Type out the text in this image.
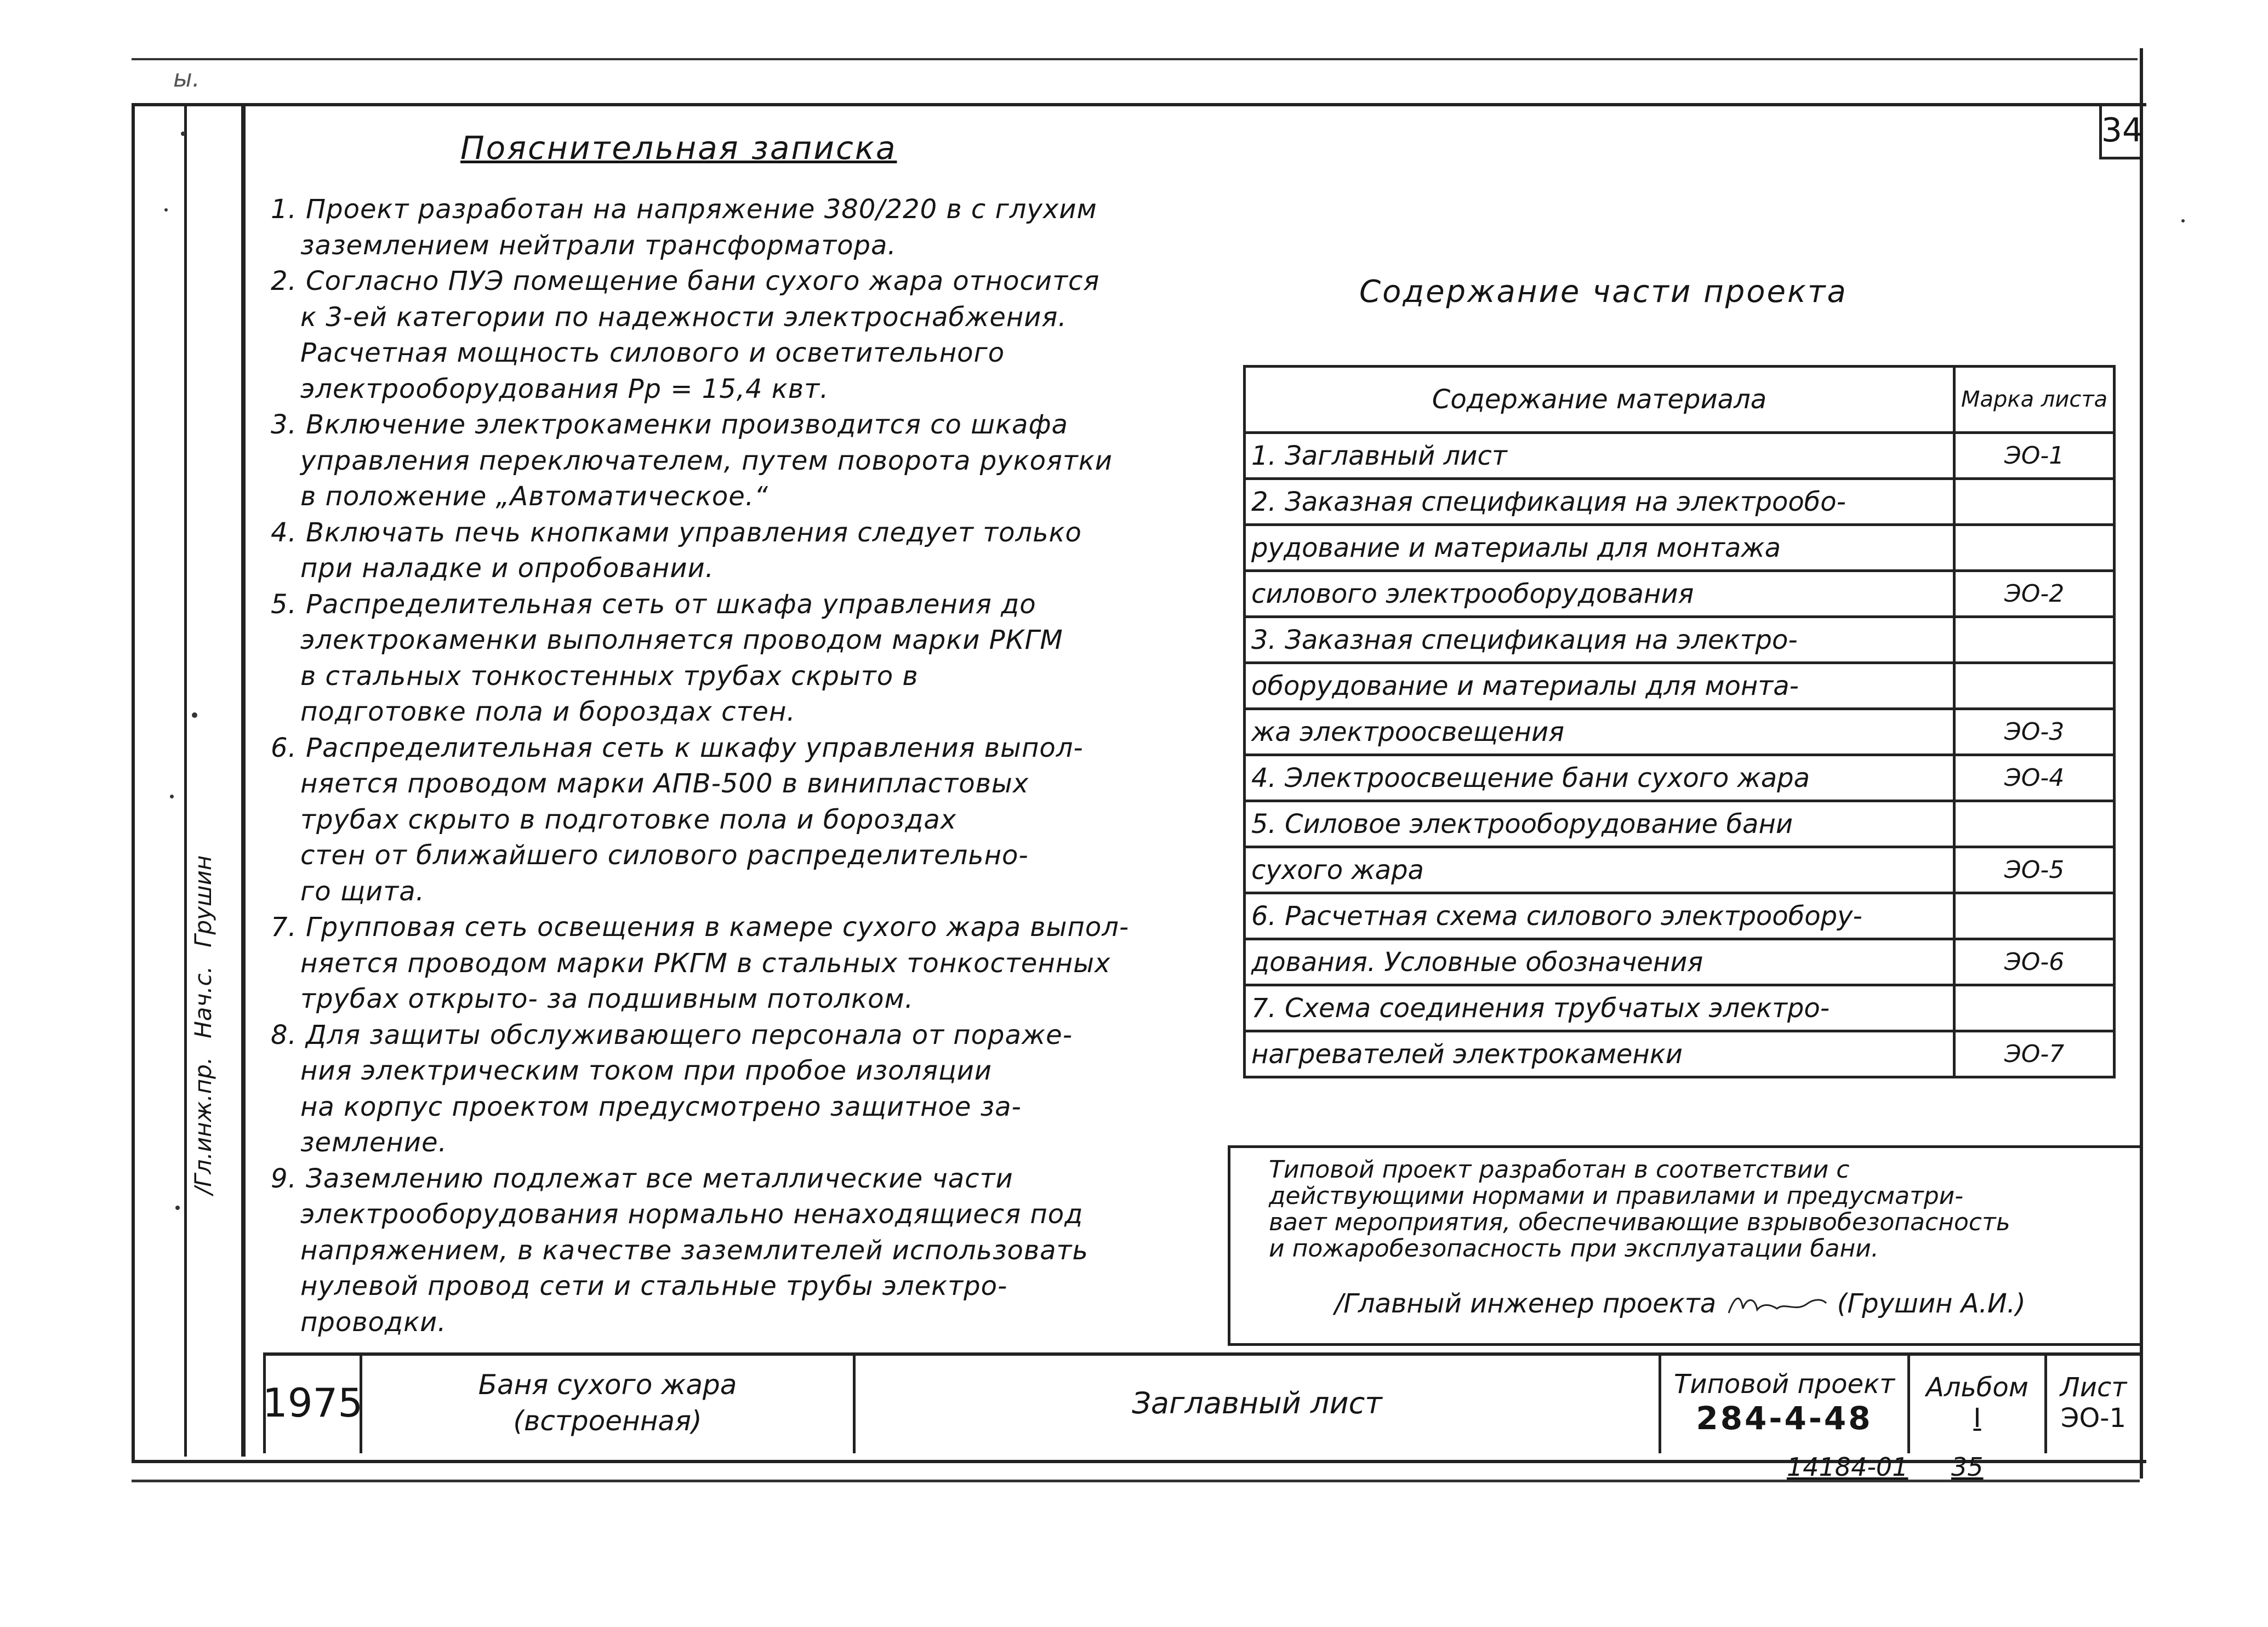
ы.
34
/Гл.инж.пр.
Нач.с.
Грушин
Пояснительная записка
1. Проект разработан на напряжение 380/220 в с глухим
заземлением нейтрали трансформатора.
2. Согласно ПУЭ помещение бани сухого жара относится
к 3-ей категории по надежности электроснабжения.
Расчетная мощность силового и осветительного
электрооборудования Рр = 15,4 квт.
3. Включение электрокаменки производится со шкафа
управления переключателем, путем поворота рукоятки
в положение „Автоматическое.“
4. Включать печь кнопками управления следует только
при наладке и опробовании.
5. Распределительная сеть от шкафа управления до
электрокаменки выполняется проводом марки РКГМ
в стальных тонкостенных трубах скрыто в
подготовке пола и бороздах стен.
6. Распределительная сеть к шкафу управления выпол-
няется проводом марки АПВ-500 в винипластовых
трубах скрыто в подготовке пола и бороздах
стен от ближайшего силового распределительно-
го щита.
7. Групповая сеть освещения в камере сухого жара выпол-
няется проводом марки РКГМ в стальных тонкостенных
трубах открыто- за подшивным потолком.
8. Для защиты обслуживающего персонала от пораже-
ния электрическим током при пробое изоляции
на корпус проектом предусмотрено защитное за-
земление.
9. Заземлению подлежат все металлические части
электрооборудования нормально ненаходящиеся под
напряжением, в качестве заземлителей использовать
нулевой провод сети и стальные трубы электро-
проводки.
Содержание части проекта
Содержание материала	Марка листа
1. Заглавный лист	ЭО-1
2. Заказная спецификация на электрообо-	
рудование и материалы для монтажа	
силового электрооборудования	ЭО-2
3. Заказная спецификация на электро-	
оборудование и материалы для монта-	
жа электроосвещения	ЭО-3
4. Электроосвещение бани сухого жара	ЭО-4
5. Силовое электрооборудование бани	
сухого жара	ЭО-5
6. Расчетная схема силового электрообору-	
дования. Условные обозначения	ЭО-6
7. Схема соединения трубчатых электро-	
нагревателей электрокаменки	ЭО-7
Типовой проект разработан в соответствии с
действующими нормами и правилами и предусматри-
вает мероприятия, обеспечивающие взрывобезопасность
и пожаробезопасность при эксплуатации бани.
/Главный инженер проекта	(Грушин А.И.)
1975	Баня сухого жара
(встроенная)
Заглавный лист
Типовой проект
284-4-48
Альбом
I
Лист
ЭО-1
14184-01 35
